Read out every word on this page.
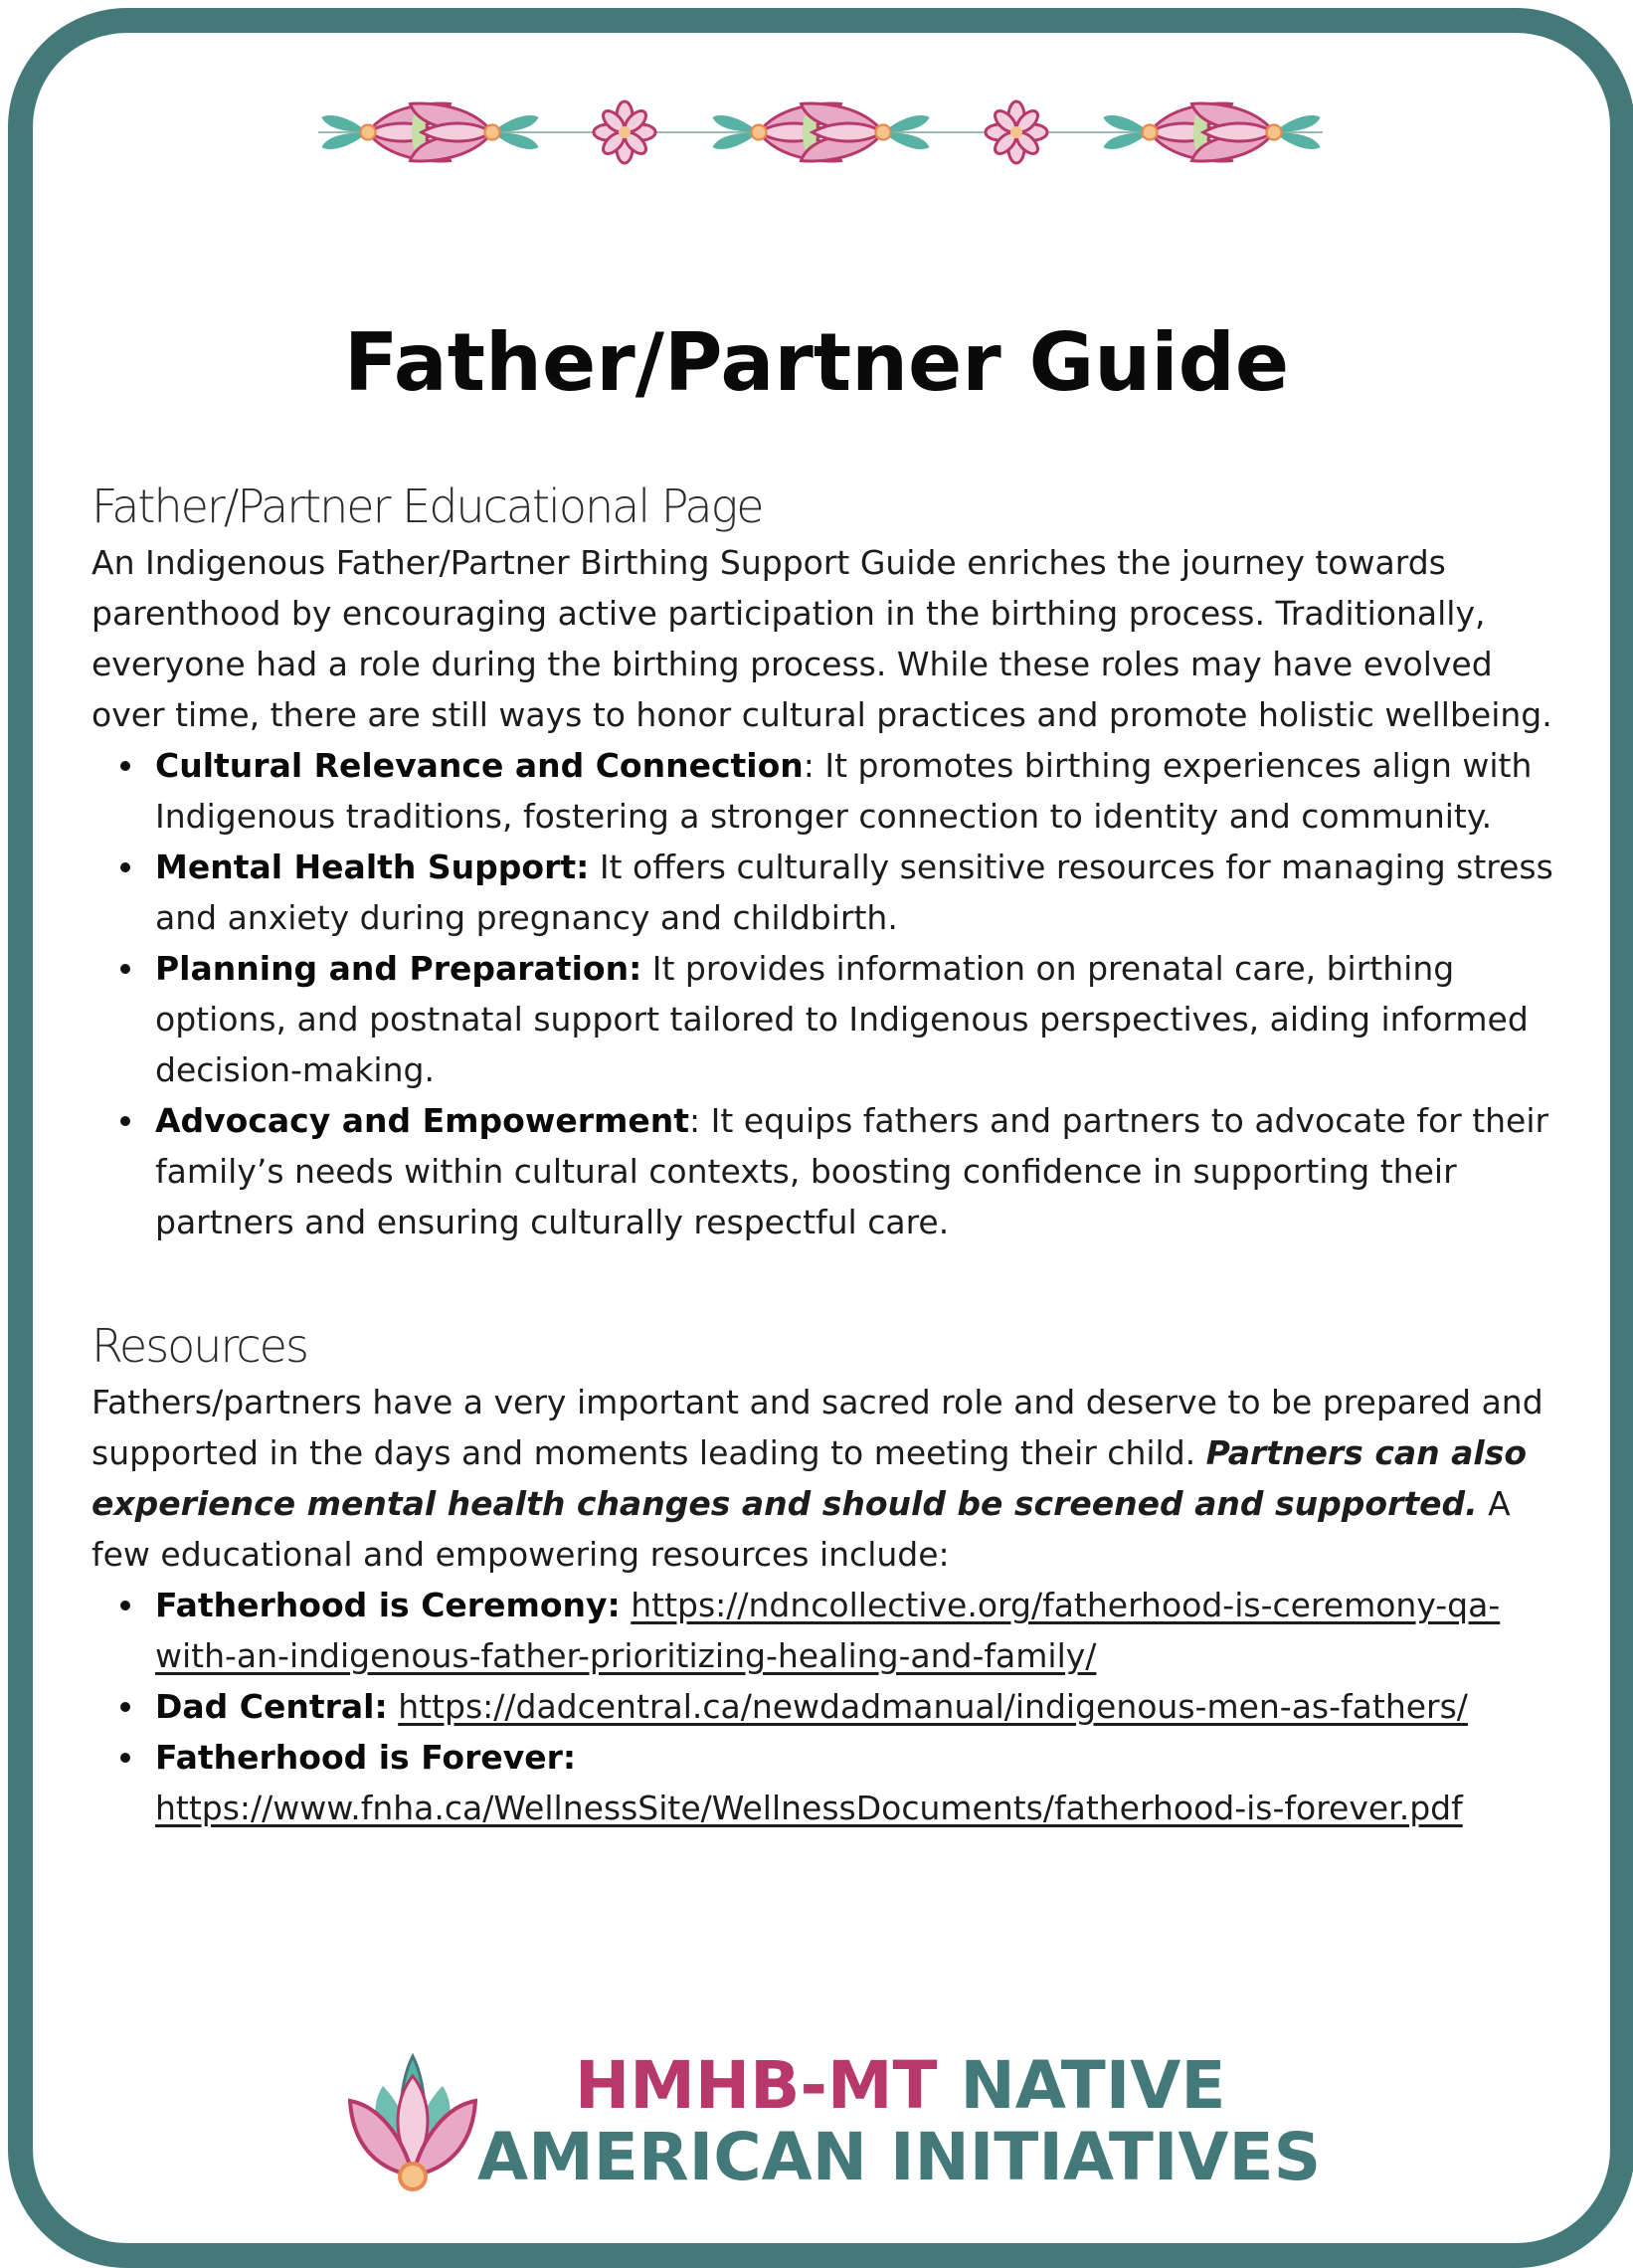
Father/Partner Guide
Father/Partner Educational Page

An Indigenous Father/Partner Birthing Support Guide enriches the journey towards parenthood by encouraging active participation in the birthing process. Traditionally, everyone had a role during the birthing process. While these roles may have evolved over time, there are still ways to honor cultural practices and promote holistic wellbeing.

Cultural Relevance and Connection: It promotes birthing experiences align with Indigenous traditions, fostering a stronger connection to identity and community.
Mental Health Support: It offers culturally sensitive resources for managing stress and anxiety during pregnancy and childbirth.
Planning and Preparation: It provides information on prenatal care, birthing options, and postnatal support tailored to Indigenous perspectives, aiding informed decision-making.
Advocacy and Empowerment: It equips fathers and partners to advocate for their family’s needs within cultural contexts, boosting confidence in supporting their partners and ensuring culturally respectful care.
Resources

Fathers/partners have a very important and sacred role and deserve to be prepared and supported in the days and moments leading to meeting their child. Partners can also experience mental health changes and should be screened and supported. A few educational and empowering resources include:

Fatherhood is Ceremony: https://ndncollective.org/fatherhood-is-ceremony-qa-with-an-indigenous-father-prioritizing-healing-and-family/
Dad Central: https://dadcentral.ca/newdadmanual/indigenous-men-as-fathers/
Fatherhood is Forever:
https://www.fnha.ca/WellnessSite/WellnessDocuments/fatherhood-is-forever.pdf
HMHB-MT NATIVE
AMERICAN INITIATIVES
